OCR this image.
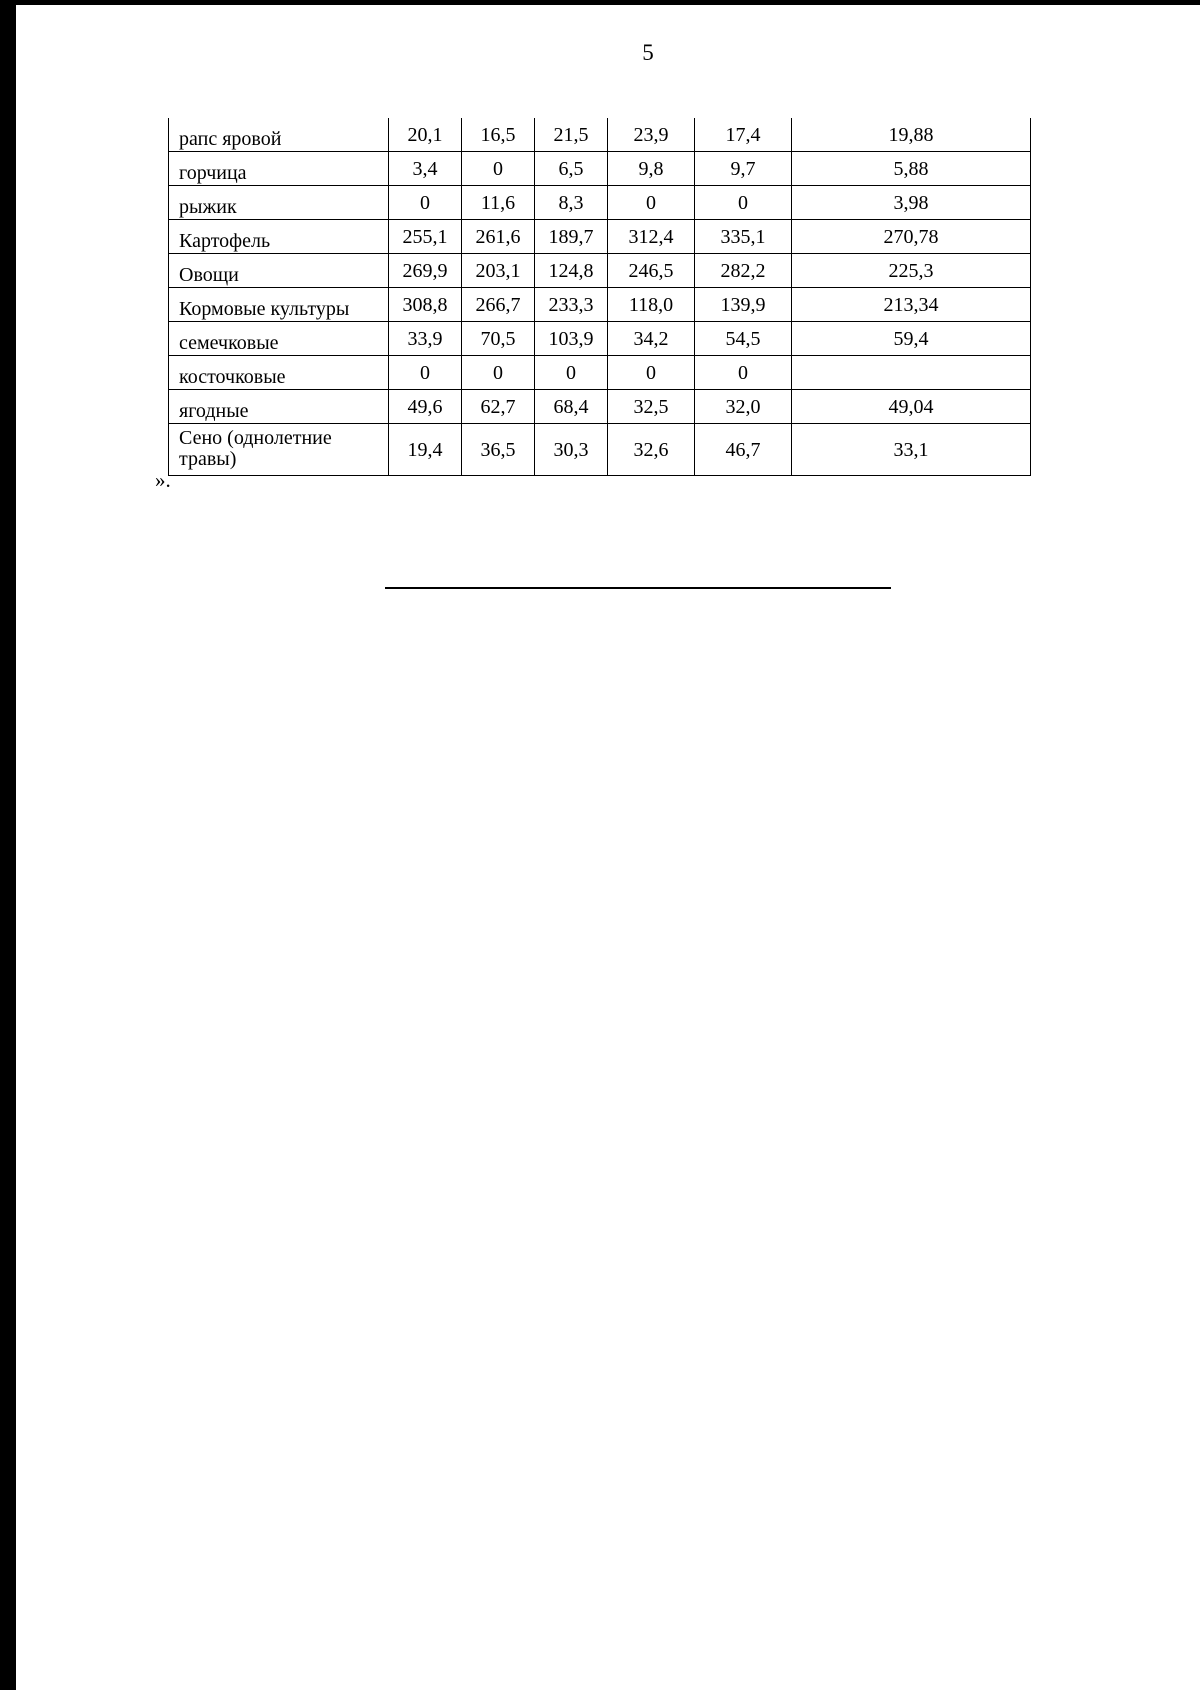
5
рапс яровой	20,1	16,5	21,5	23,9	17,4	19,88
горчица	3,4	0	6,5	9,8	9,7	5,88
рыжик	0	11,6	8,3	0	0	3,98
Картофель	255,1	261,6	189,7	312,4	335,1	270,78
Овощи	269,9	203,1	124,8	246,5	282,2	225,3
Кормовые культуры	308,8	266,7	233,3	118,0	139,9	213,34
семечковые	33,9	70,5	103,9	34,2	54,5	59,4
косточковые	0	0	0	0	0	
ягодные	49,6	62,7	68,4	32,5	32,0	49,04
Сено (однолетние травы)	19,4	36,5	30,3	32,6	46,7	33,1
».
